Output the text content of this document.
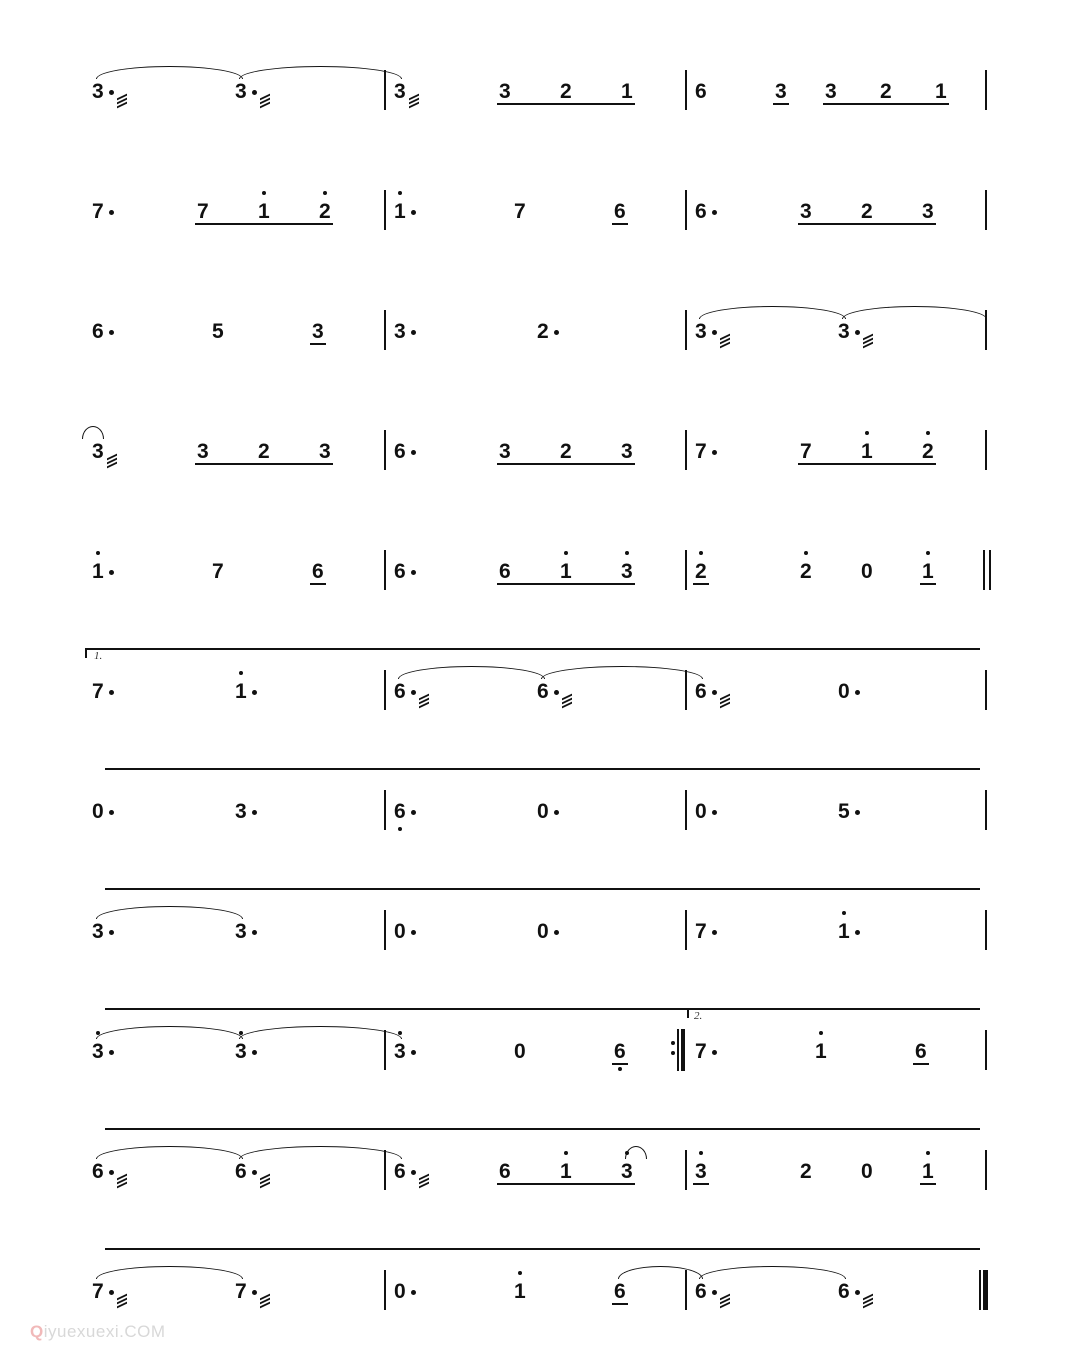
3	3	3	3 2 1	6	3 3 2 1
7	7 1 2	1	7	6	6	3 2 3
6	5	3	3	2	3	3
3	3 2 3	6	3 2 3	7	7 1 2
1	7	6	6	6 1 3	2	2 0 1
7	1	6	6	6	0
1.
0	3	6	0	0	5
3	3	0	0	7	1
3	3	3	0	6	7	1	6
2.
6	6	6	6 1 3	3	2 0 1
7	7	0	1	6	6	6
Qiyuexuexi.COM
